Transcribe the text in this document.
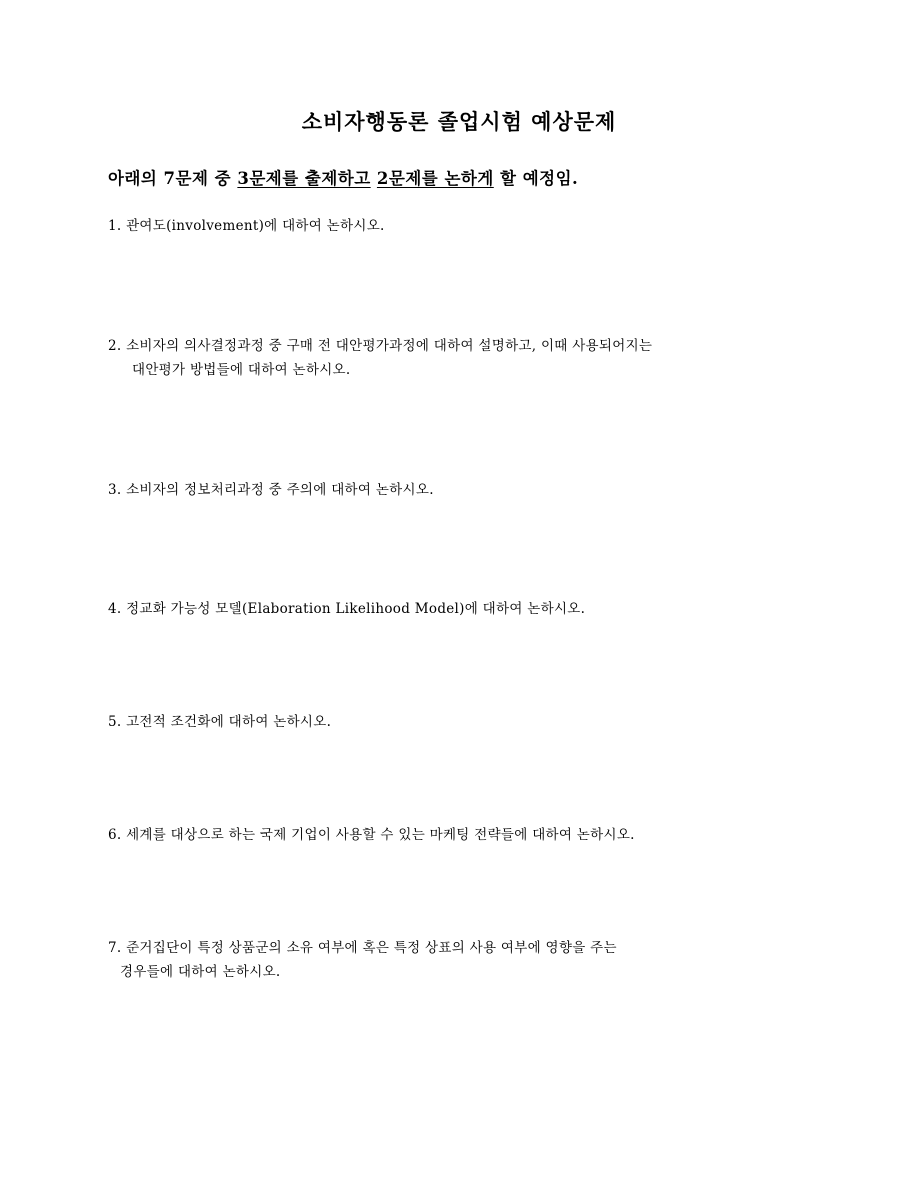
소비자행동론 졸업시험 예상문제

아래의 7문제 중 3문제를 출제하고 2문제를 논하게 할 예정임.

1. 관여도(involvement)에 대하여 논하시오.

2. 소비자의 의사결정과정 중 구매 전 대안평가과정에 대하여 설명하고, 이때 사용되어지는
대안평가 방법들에 대하여 논하시오.

3. 소비자의 정보처리과정 중 주의에 대하여 논하시오.

4. 정교화 가능성 모델(Elaboration Likelihood Model)에 대하여 논하시오.

5. 고전적 조건화에 대하여 논하시오.

6. 세계를 대상으로 하는 국제 기업이 사용할 수 있는 마케팅 전략들에 대하여 논하시오.

7. 준거집단이 특정 상품군의 소유 여부에 혹은 특정 상표의 사용 여부에 영향을 주는
경우들에 대하여 논하시오.
